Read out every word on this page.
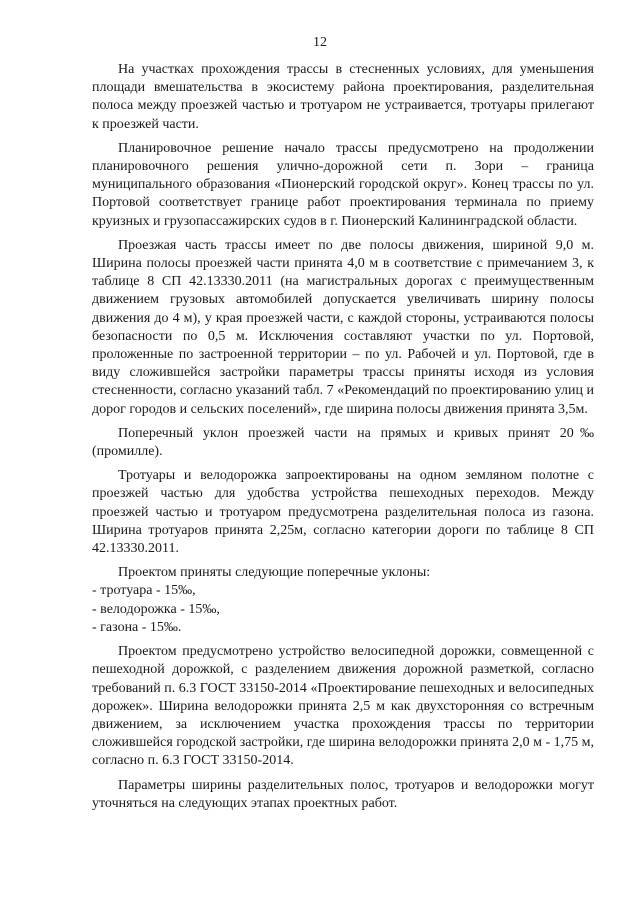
12

На участках прохождения трассы в стесненных условиях, для уменьшения площади вмешательства в экосистему района проектирования, разделительная полоса между проезжей частью и тротуаром не устраивается, тротуары прилегают к проезжей части.

Планировочное решение начало трассы предусмотрено на продолжении планировочного решения улично-дорожной сети п. Зори – граница муниципального образования «Пионерский городской округ». Конец трассы по ул. Портовой соответствует границе работ проектирования терминала по приему круизных и грузопассажирских судов в г. Пионерский Калининградской области.

Проезжая часть трассы имеет по две полосы движения, шириной 9,0 м. Ширина полосы проезжей части принята 4,0 м в соответствие с примечанием 3, к таблице 8 СП 42.13330.2011 (на магистральных дорогах с преимущественным движением грузовых автомобилей допускается увеличивать ширину полосы движения до 4 м), у края проезжей части, с каждой стороны, устраиваются полосы безопасности по 0,5 м. Исключения составляют участки по ул. Портовой, проложенные по застроенной территории – по ул. Рабочей и ул. Портовой, где в виду сложившейся застройки параметры трассы приняты исходя из условия стесненности, согласно указаний табл. 7 «Рекомендаций по проектированию улиц и дорог городов и сельских поселений», где ширина полосы движения принята 3,5м.

Поперечный уклон проезжей части на прямых и кривых принят 20‰ (промилле).

Тротуары и велодорожка запроектированы на одном земляном полотне с проезжей частью для удобства устройства пешеходных переходов. Между проезжей частью и тротуаром предусмотрена разделительная полоса из газона. Ширина тротуаров принята 2,25м, согласно категории дороги по таблице 8 СП 42.13330.2011.

Проектом приняты следующие поперечные уклоны:

- тротуара - 15‰,
- велодорожка - 15‰,
- газона - 15‰.

Проектом предусмотрено устройство велосипедной дорожки, совмещенной с пешеходной дорожкой, с разделением движения дорожной разметкой, согласно требований п. 6.3 ГОСТ 33150-2014 «Проектирование пешеходных и велосипедных дорожек». Ширина велодорожки принята 2,5 м как двухсторонняя со встречным движением, за исключением участка прохождения трассы по территории сложившейся городской застройки, где ширина велодорожки принята 2,0 м - 1,75 м, согласно п. 6.3 ГОСТ 33150-2014.

Параметры ширины разделительных полос, тротуаров и велодорожки могут уточняться на следующих этапах проектных работ.
